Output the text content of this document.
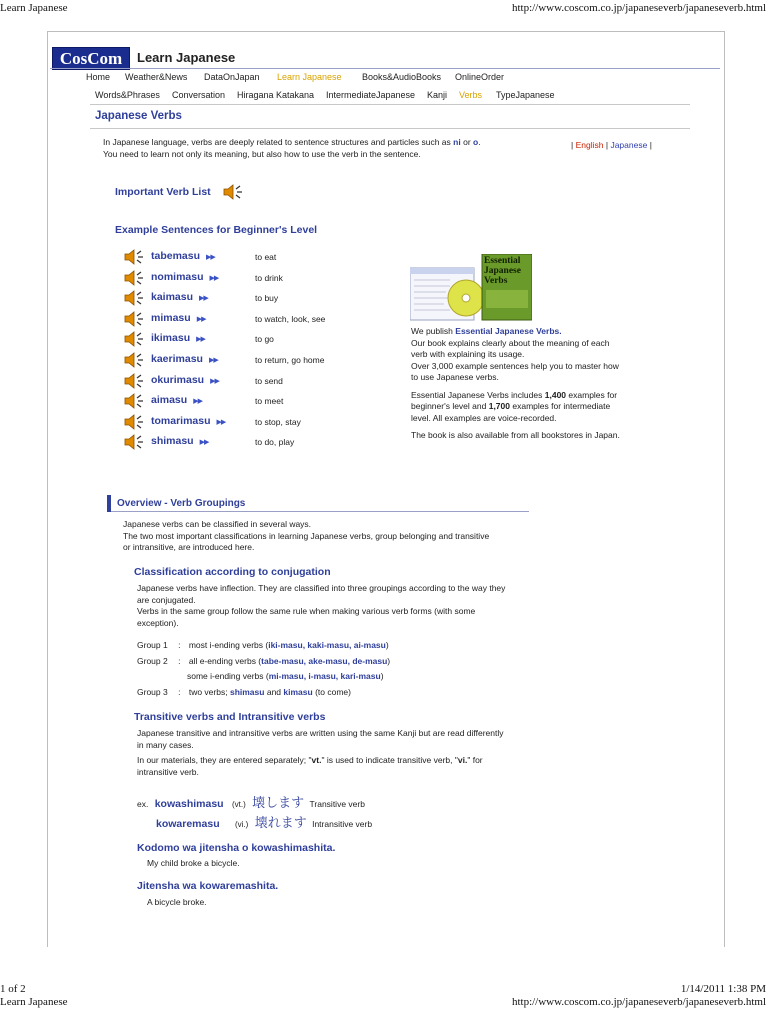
Learn Japanese	http://www.coscom.co.jp/japaneseverb/japaneseverb.html
1 of 2	1/14/2011 1:38 PM
Learn Japanese	http://www.coscom.co.jp/japaneseverb/japaneseverb.html
CosCom	Learn Japanese
Home Weather&News DataOnJapan Learn Japanese Books&AudioBooks OnlineOrder
Words&Phrases Conversation Hiragana Katakana IntermediateJapanese Kanji Verbs TypeJapanese
Japanese Verbs
In Japanese language, verbs are deeply related to sentence structures and particles such as ni or o.
You need to learn not only its meaning, but also how to use the verb in the sentence.
| English | Japanese |
Important Verb List
Example Sentences for Beginner's Level
tabemasu ▶▶	to eat
nomimasu ▶▶	to drink
kaimasu ▶▶	to buy
mimasu ▶▶	to watch, look, see
ikimasu ▶▶	to go
kaerimasu ▶▶	to return, go home
okurimasu ▶▶	to send
aimasu ▶▶	to meet
tomarimasu ▶▶	to stop, stay
shimasu ▶▶	to do, play
Essential Japanese Verbs
We publish Essential Japanese Verbs.
Our book explains clearly about the meaning of each verb with explaining its usage.
Over 3,000 example sentences help you to master how to use Japanese verbs.
Essential Japanese Verbs includes 1,400 examples for beginner's level and 1,700 examples for intermediate level. All examples are voice-recorded.
The book is also available from all bookstores in Japan.
Overview - Verb Groupings
Japanese verbs can be classified in several ways.
The two most important classifications in learning Japanese verbs, group belonging and transitive or intransitive, are introduced here.
Classification according to conjugation
Japanese verbs have inflection. They are classified into three groupings according to the way they are conjugated.
Verbs in the same group follow the same rule when making various verb forms (with some exception).
Group 1 : most i-ending verbs (iki-masu, kaki-masu, ai-masu)
Group 2 : all e-ending verbs (tabe-masu, ake-masu, de-masu)
some i-ending verbs (mi-masu, i-masu, kari-masu)
Group 3 : two verbs; shimasu and kimasu (to come)
Transitive verbs and Intransitive verbs
Japanese transitive and intransitive verbs are written using the same Kanji but are read differently in many cases.
In our materials, they are entered separately; "vt." is used to indicate transitive verb, "vi." for intransitive verb.
ex. kowashimasu (vt.) 壊します Transitive verb
kowaremasu (vi.) 壊れます Intransitive verb
Kodomo wa jitensha o kowashimashita.
My child broke a bicycle.
Jitensha wa kowaremashita.
A bicycle broke.
